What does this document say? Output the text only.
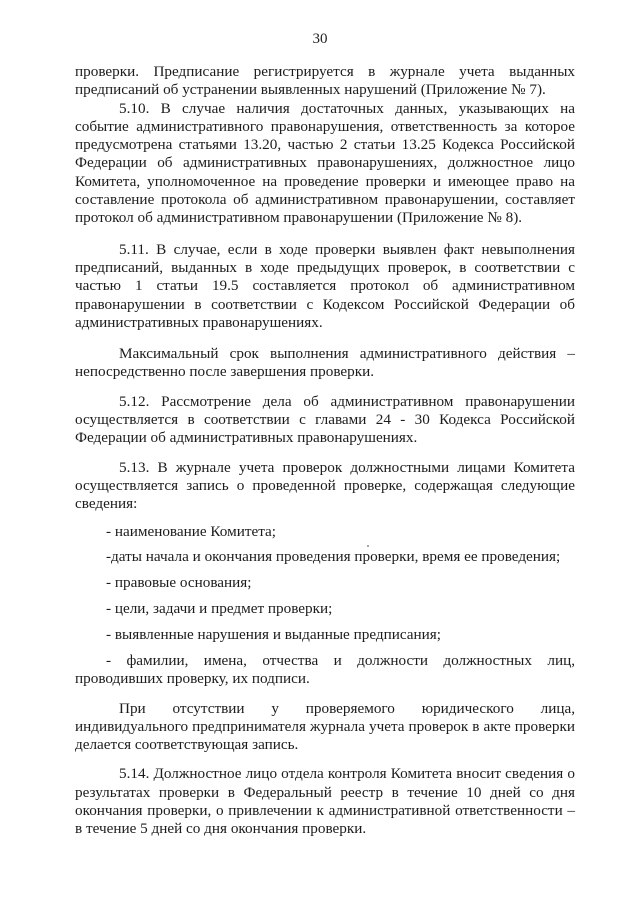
30

проверки. Предписание регистрируется в журнале учета выданных предписаний об устранении выявленных нарушений (Приложение № 7).

5.10. В случае наличия достаточных данных, указывающих на событие административного правонарушения, ответственность за которое предусмотрена статьями 13.20, частью 2 статьи 13.25 Кодекса Российской Федерации об административных правонарушениях, должностное лицо Комитета, уполномоченное на проведение проверки и имеющее право на составление протокола об административном правонарушении, составляет протокол об административном правонарушении (Приложение № 8).

5.11. В случае, если в ходе проверки выявлен факт невыполнения предписаний, выданных в ходе предыдущих проверок, в соответствии с частью 1 статьи 19.5 составляется протокол об административном правонарушении в соответствии с Кодексом Российской Федерации об административных правонарушениях.

Максимальный срок выполнения административного действия – непосредственно после завершения проверки.

5.12. Рассмотрение дела об административном правонарушении осуществляется в соответствии с главами 24 - 30 Кодекса Российской Федерации об административных правонарушениях.

5.13. В журнале учета проверок должностными лицами Комитета осуществляется запись о проведенной проверке, содержащая следующие сведения:

- наименование Комитета;
-даты начала и окончания проведения проверки, время ее проведения;
- правовые основания;
- цели, задачи и предмет проверки;
- выявленные нарушения и выданные предписания;
- фамилии, имена, отчества и должности должностных лиц, проводивших проверку, их подписи.

При отсутствии у проверяемого юридического лица, индивидуального предпринимателя журнала учета проверок в акте проверки делается соответствующая запись.

5.14. Должностное лицо отдела контроля Комитета вносит сведения о результатах проверки в Федеральный реестр в течение 10 дней со дня окончания проверки, о привлечении к административной ответственности – в течение 5 дней со дня окончания проверки.
